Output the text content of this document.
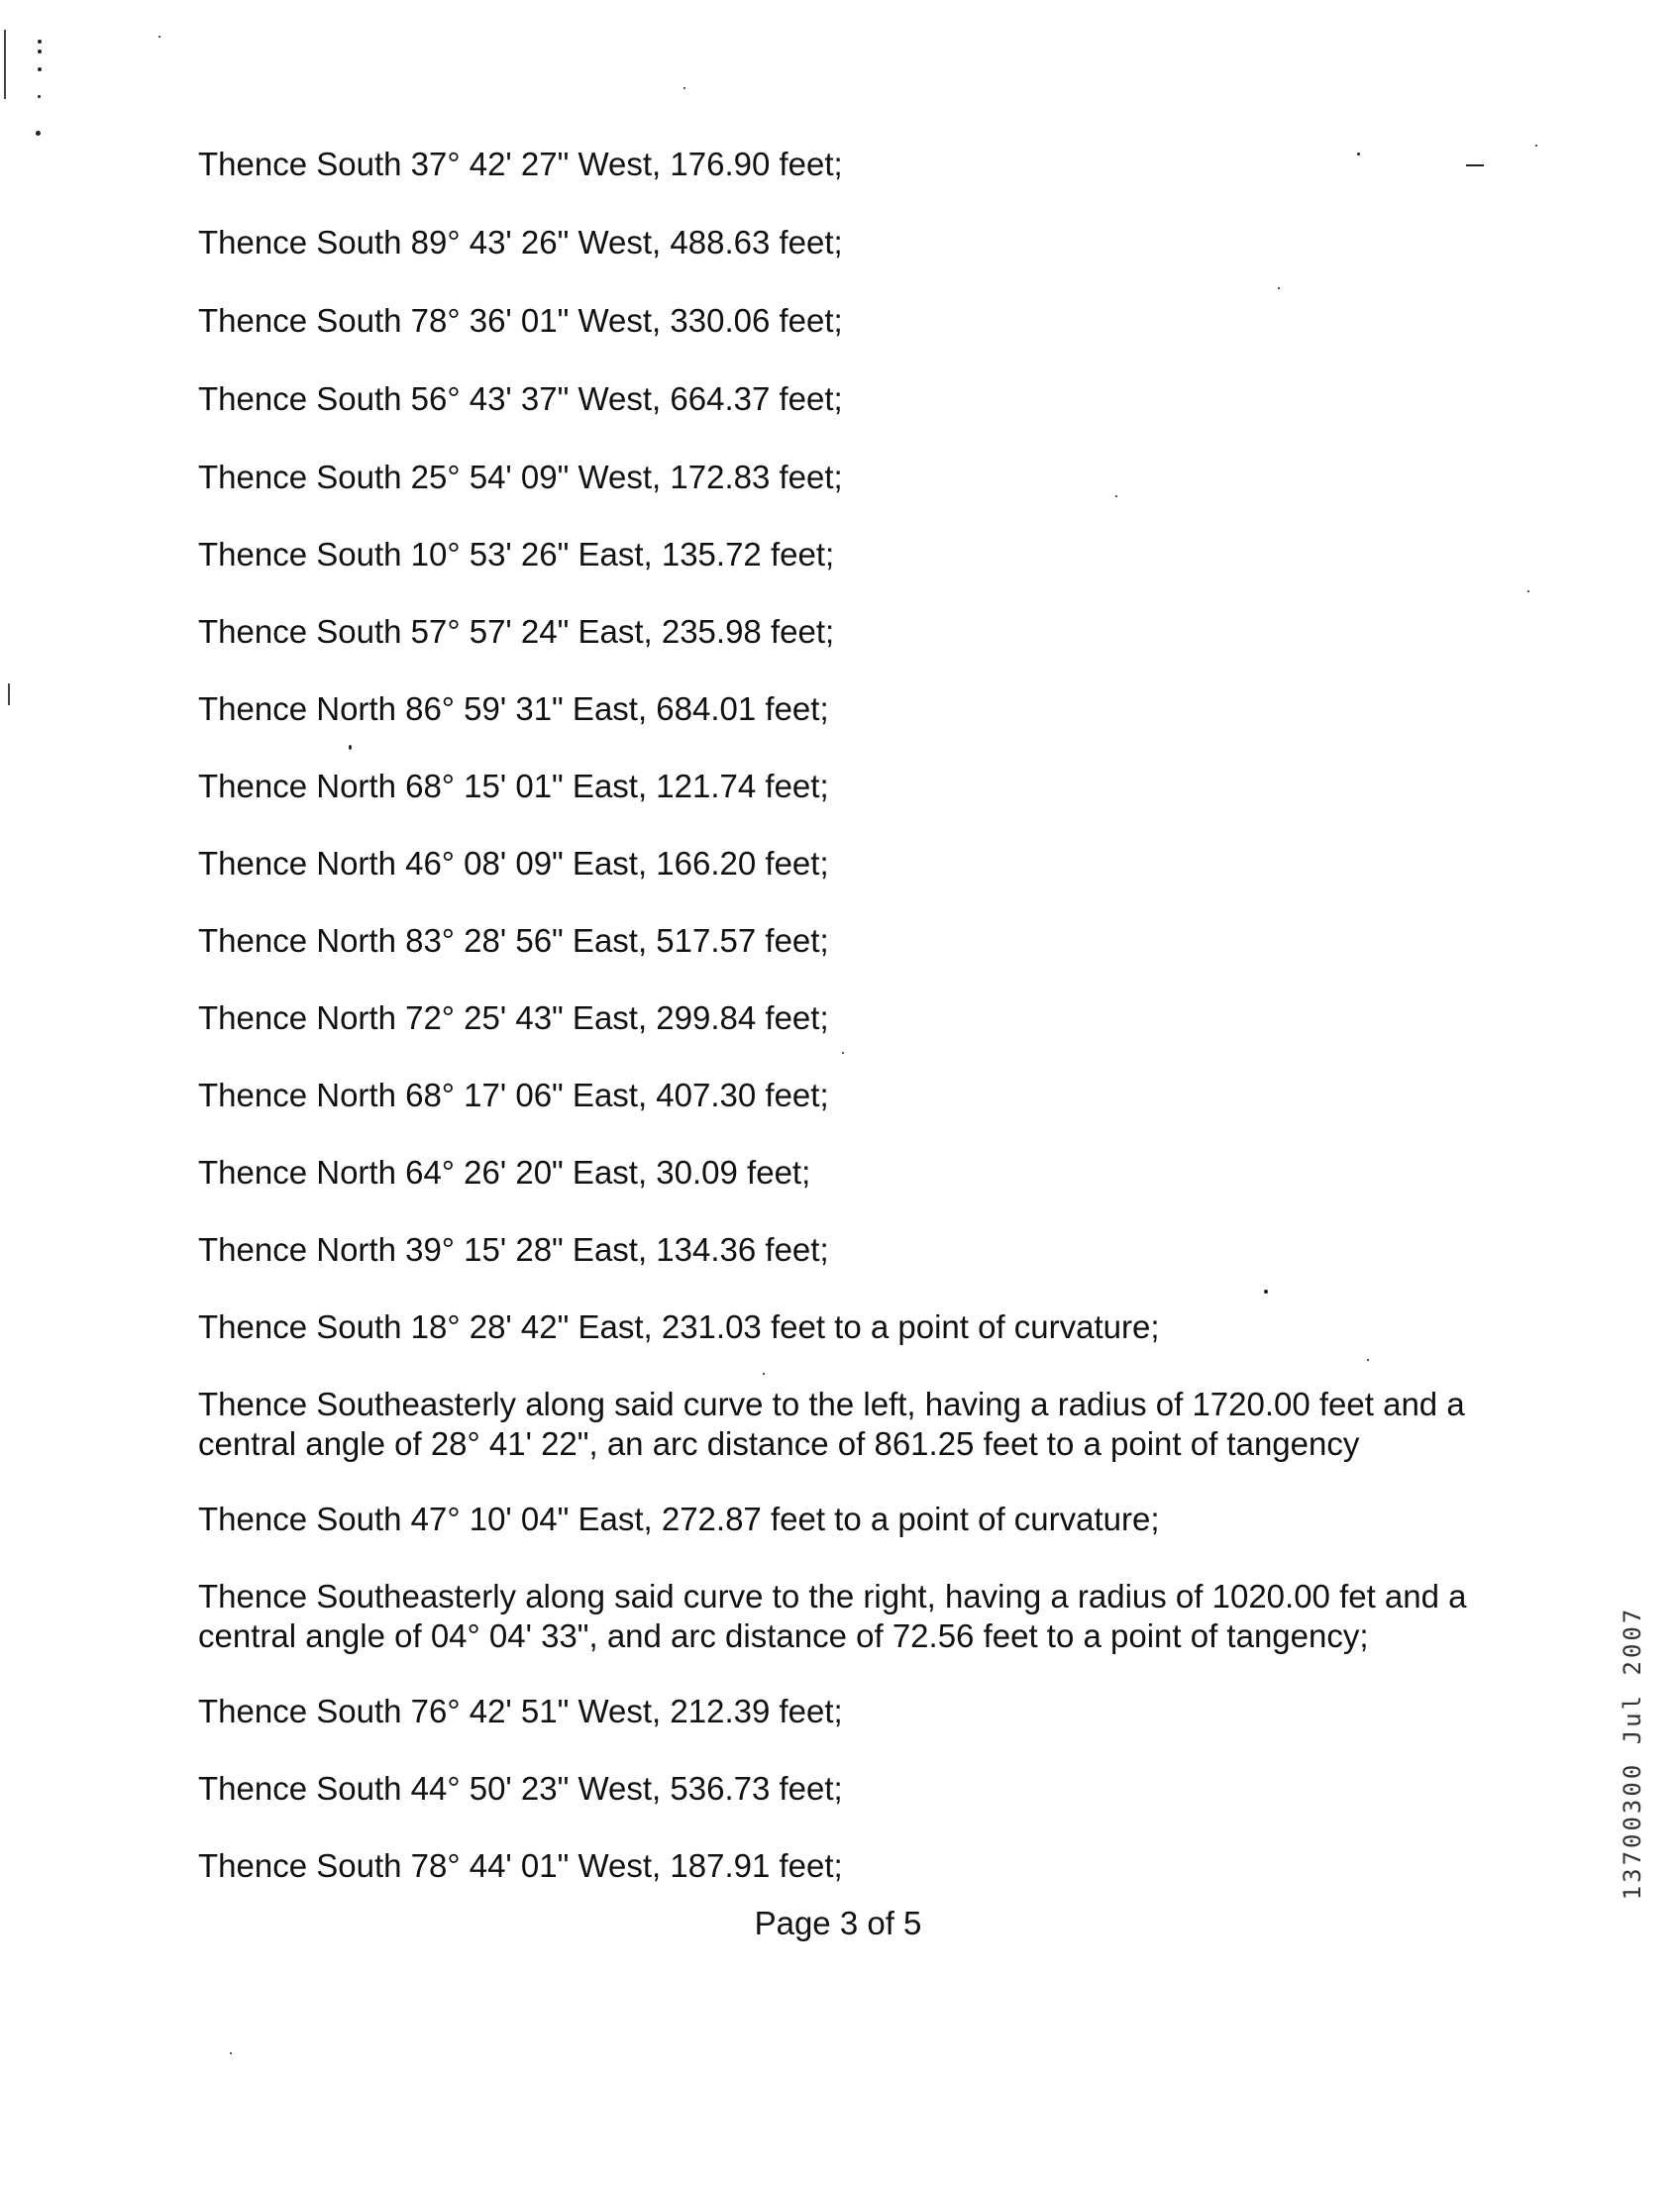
Thence South 37° 42' 27" West, 176.90 feet;
Thence South 89° 43' 26" West, 488.63 feet;
Thence South 78° 36' 01" West, 330.06 feet;
Thence South 56° 43' 37" West, 664.37 feet;
Thence South 25° 54' 09" West, 172.83 feet;
Thence South 10° 53' 26" East, 135.72 feet;
Thence South 57° 57' 24" East, 235.98 feet;
Thence North 86° 59' 31" East, 684.01 feet;
Thence North 68° 15' 01" East, 121.74 feet;
Thence North 46° 08' 09" East, 166.20 feet;
Thence North 83° 28' 56" East, 517.57 feet;
Thence North 72° 25' 43" East, 299.84 feet;
Thence North 68° 17' 06" East, 407.30 feet;
Thence North 64° 26' 20" East, 30.09 feet;
Thence North 39° 15' 28" East, 134.36 feet;
Thence South 18° 28' 42" East, 231.03 feet to a point of curvature;
Thence Southeasterly along said curve to the left, having a radius of 1720.00 feet and a central angle of 28° 41' 22", an arc distance of 861.25 feet to a point of tangency
Thence South 47° 10' 04" East, 272.87 feet to a point of curvature;
Thence Southeasterly along said curve to the right, having a radius of 1020.00 fet and a central angle of 04° 04' 33", and arc distance of 72.56 feet to a point of tangency;
Thence South 76° 42' 51" West, 212.39 feet;
Thence South 44° 50' 23" West, 536.73 feet;
Thence South 78° 44' 01" West, 187.91 feet;
Page 3 of 5
13700300 Jul 2007
